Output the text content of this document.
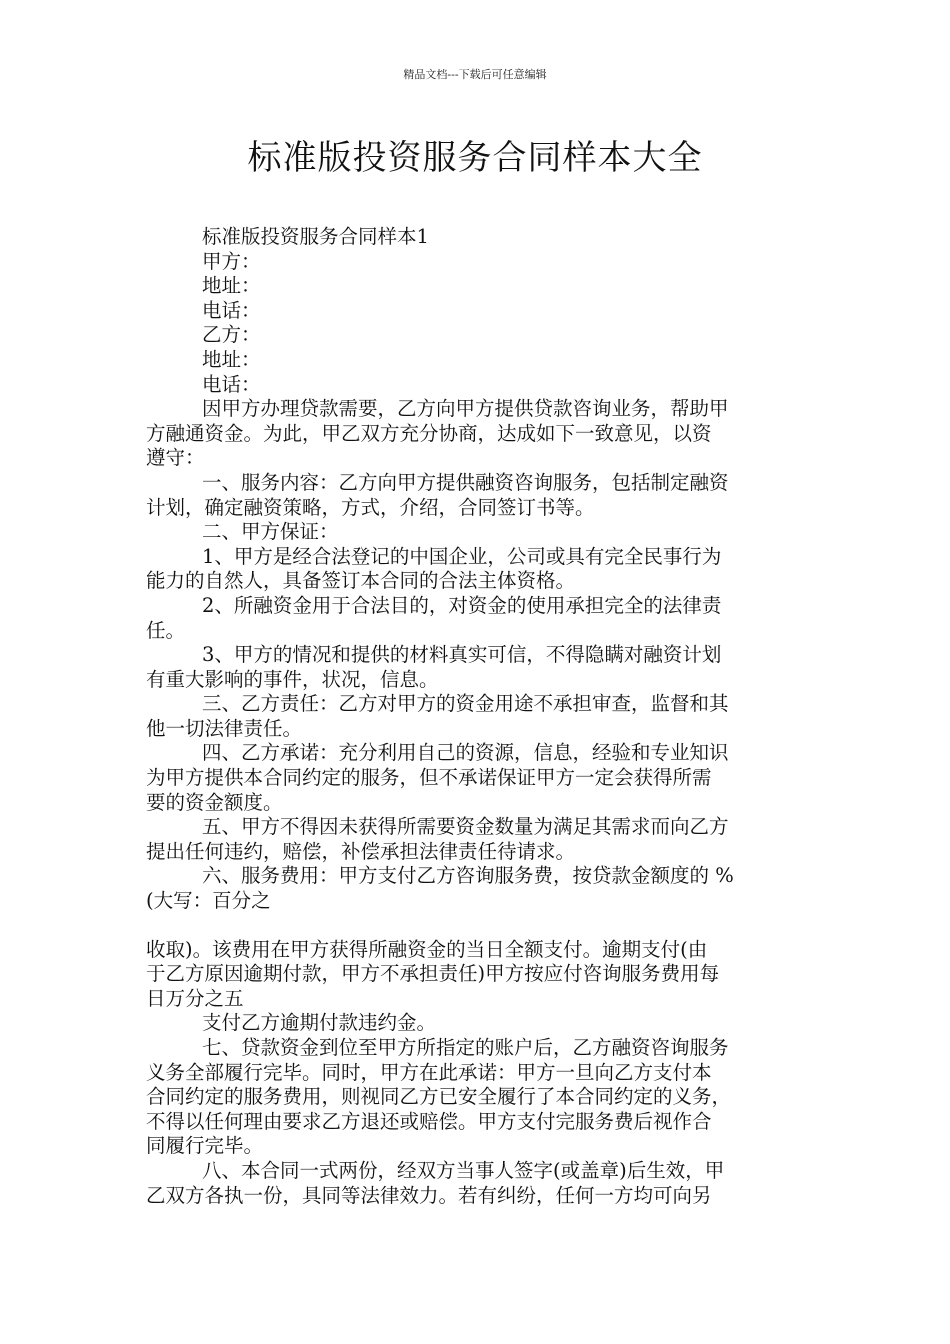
精品文档---下载后可任意编辑
标准版投资服务合同样本大全
标准版投资服务合同样本1
甲方：
地址：
电话：
乙方：
地址：
电话：
因甲方办理贷款需要，乙方向甲方提供贷款咨询业务，帮助甲
方融通资金。为此，甲乙双方充分协商，达成如下一致意见，以资
遵守：
一、服务内容：乙方向甲方提供融资咨询服务，包括制定融资
计划，确定融资策略，方式，介绍，合同签订书等。
二、甲方保证：
1、甲方是经合法登记的中国企业，公司或具有完全民事行为
能力的自然人，具备签订本合同的合法主体资格。
2、所融资金用于合法目的，对资金的使用承担完全的法律责
任。
3、甲方的情况和提供的材料真实可信，不得隐瞒对融资计划
有重大影响的事件，状况，信息。
三、乙方责任：乙方对甲方的资金用途不承担审查，监督和其
他一切法律责任。
四、乙方承诺：充分利用自己的资源，信息，经验和专业知识
为甲方提供本合同约定的服务，但不承诺保证甲方一定会获得所需
要的资金额度。
五、甲方不得因未获得所需要资金数量为满足其需求而向乙方
提出任何违约，赔偿，补偿承担法律责任待请求。
六、服务费用：甲方支付乙方咨询服务费，按贷款金额度的 %
(大写：百分之
收取)。该费用在甲方获得所融资金的当日全额支付。逾期支付(由
于乙方原因逾期付款，甲方不承担责任)甲方按应付咨询服务费用每
日万分之五
支付乙方逾期付款违约金。
七、贷款资金到位至甲方所指定的账户后，乙方融资咨询服务
义务全部履行完毕。同时，甲方在此承诺：甲方一旦向乙方支付本
合同约定的服务费用，则视同乙方已安全履行了本合同约定的义务，
不得以任何理由要求乙方退还或赔偿。甲方支付完服务费后视作合
同履行完毕。
八、本合同一式两份，经双方当事人签字(或盖章)后生效，甲
乙双方各执一份，具同等法律效力。若有纠纷，任何一方均可向另
